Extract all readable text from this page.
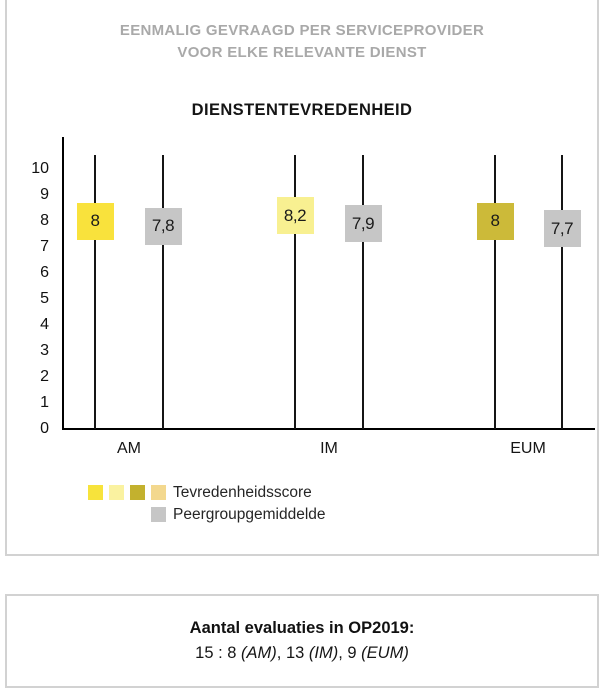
EENMALIG GEVRAAGD PER SERVICEPROVIDER
VOOR ELKE RELEVANTE DIENST
DIENSTENTEVREDENHEID
10
9
8
7
6
5
4
3
2
1
0
8	8,2	8
7,8	7,9	7,7
AM	IM	EUM
Tevredenheidsscore
Peergroupgemiddelde
Aantal evaluaties in OP2019:
15 : 8 (AM), 13 (IM), 9 (EUM)
